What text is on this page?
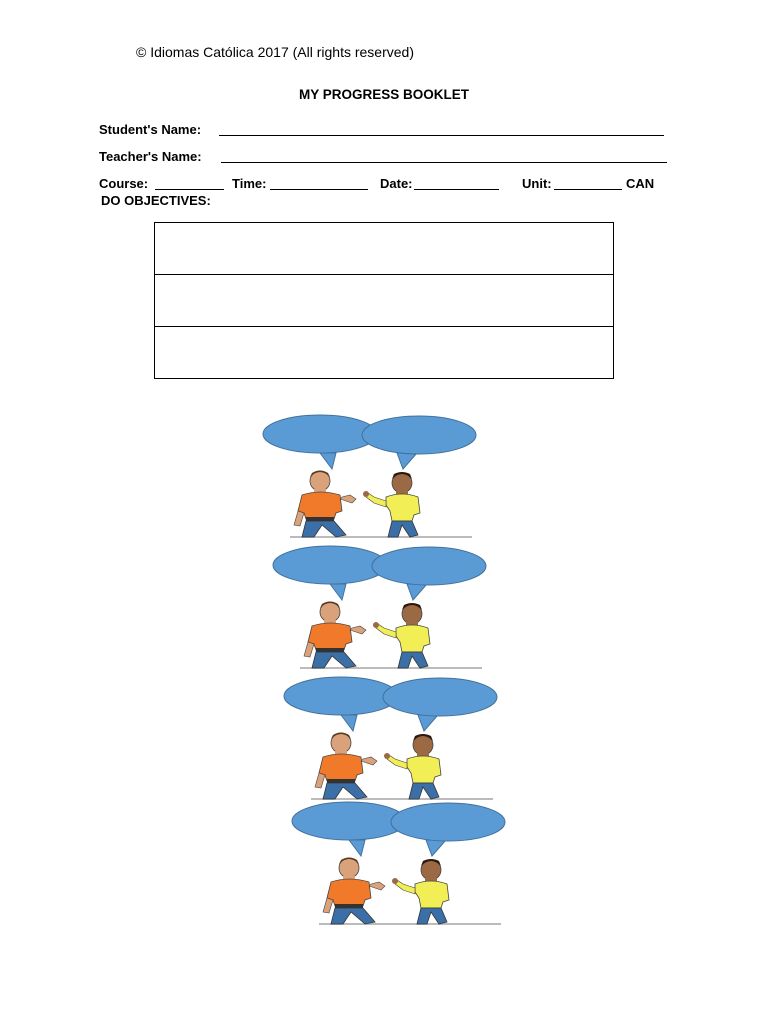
© Idiomas Católica 2017 (All rights reserved)
MY PROGRESS BOOKLET
Student's Name:
Teacher's Name:
Course:	Time:	Date:	Unit:	CAN
DO OBJECTIVES:
